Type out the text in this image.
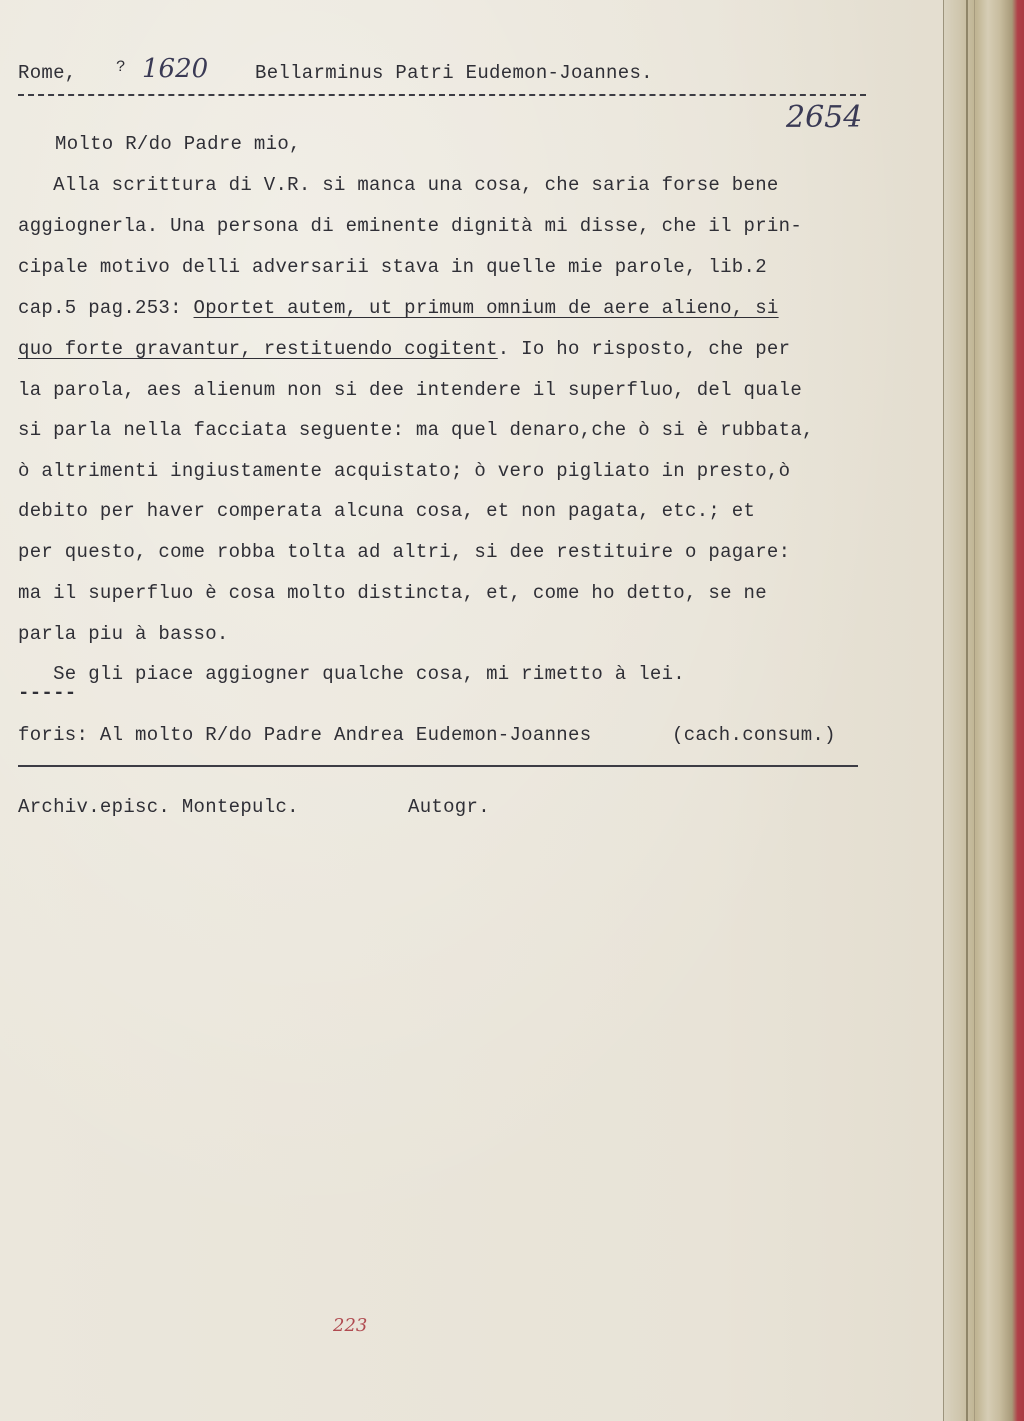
Rome, ? 1620 Bellarminus Patri Eudemon-Joannes.
2654
Molto R/do Padre mio,
Alla scrittura di V.R. si manca una cosa, che saria forse bene
aggiognerla. Una persona di eminente dignità mi disse, che il prin-
cipale motivo delli adversarii stava in quelle mie parole, lib.2
cap.5 pag.253: Oportet autem, ut primum omnium de aere alieno, si
quo forte gravantur, restituendo cogitent. Io ho risposto, che per
la parola, aes alienum non si dee intendere il superfluo, del quale
si parla nella facciata seguente: ma quel denaro,che ò si è rubbata,
ò altrimenti ingiustamente acquistato; ò vero pigliato in presto,ò
debito per haver comperata alcuna cosa, et non pagata, etc.; et
per questo, come robba tolta ad altri, si dee restituire o pagare:
ma il superfluo è cosa molto distincta, et, come ho detto, se ne
parla piu à basso.
Se gli piace aggiogner qualche cosa, mi rimetto à lei.
-----
foris: Al molto R/do Padre Andrea Eudemon-Joannes	(cach.consum.)
Archiv.episc. Montepulc.	Autogr.
223
